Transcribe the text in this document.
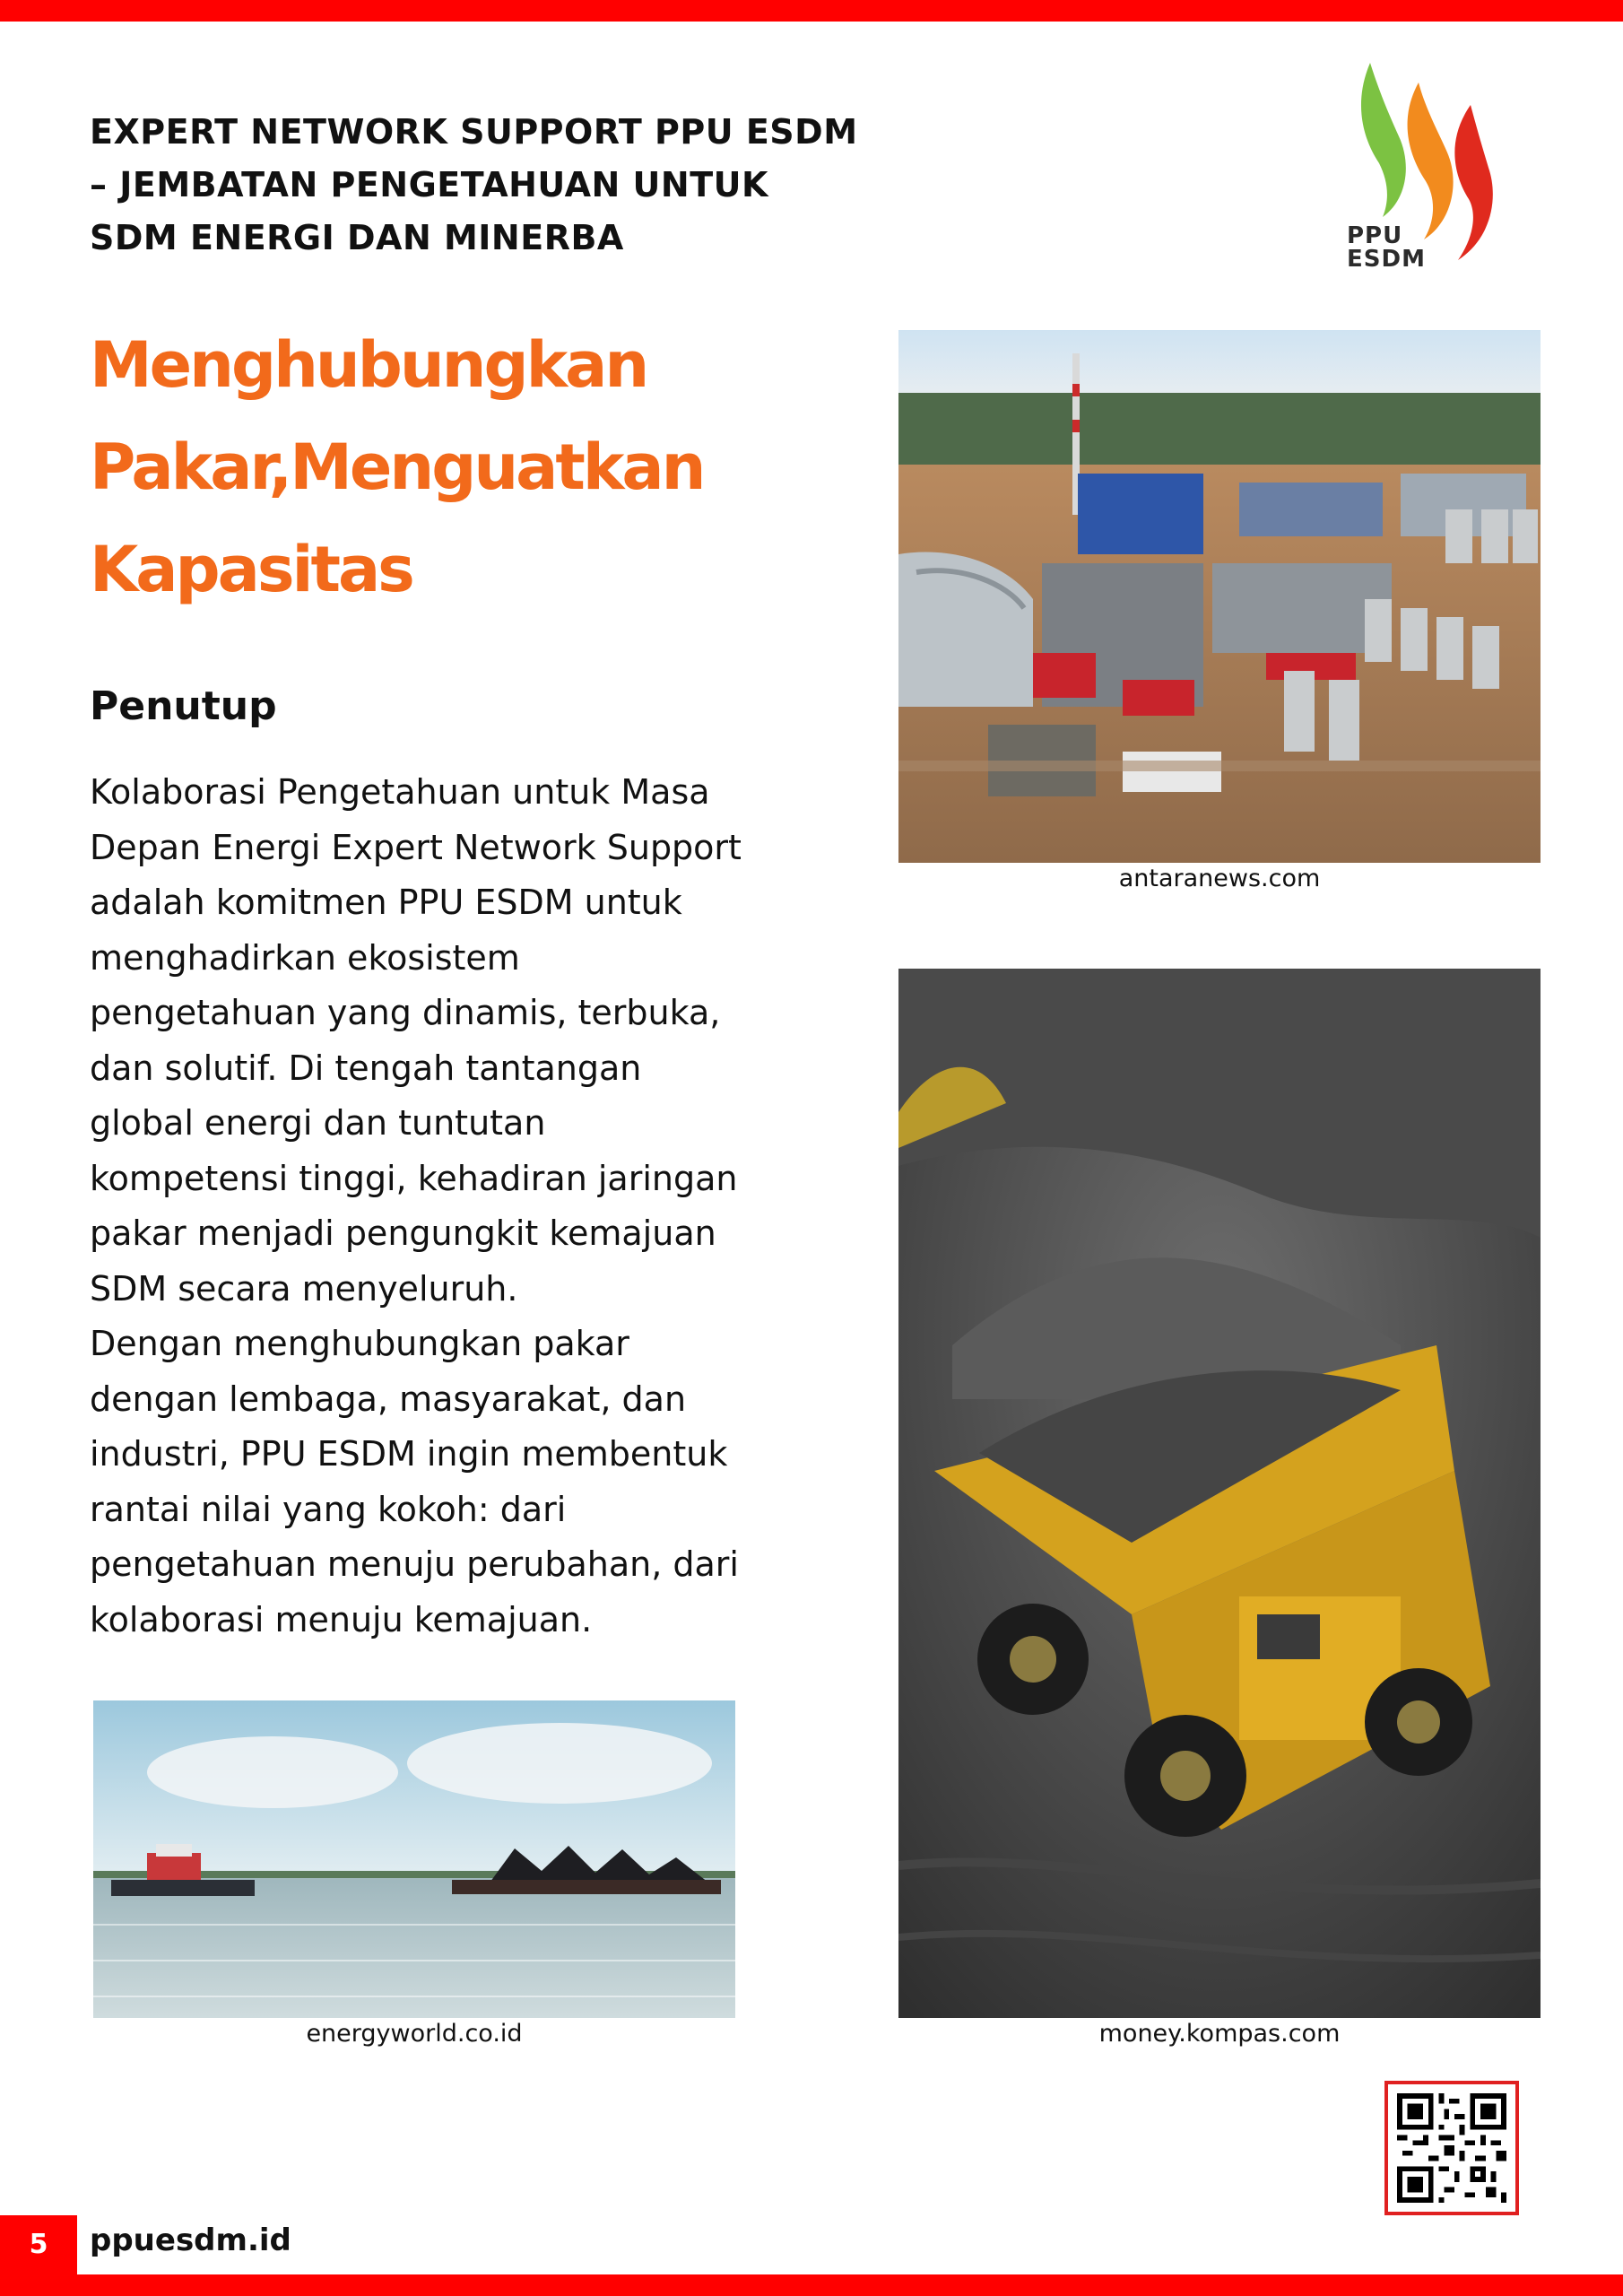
EXPERT NETWORK SUPPORT PPU ESDM
– JEMBATAN PENGETAHUAN UNTUK
SDM ENERGI DAN MINERBA	PPU
ESDM
Menghubungkan
Pakar,Menguatkan
Kapasitas
Penutup
Kolaborasi Pengetahuan untuk Masa
Depan Energi Expert Network Support
adalah komitmen PPU ESDM untuk
menghadirkan ekosistem
pengetahuan yang dinamis, terbuka,
dan solutif. Di tengah tantangan
global energi dan tuntutan
kompetensi tinggi, kehadiran jaringan
pakar menjadi pengungkit kemajuan
SDM secara menyeluruh.
Dengan menghubungkan pakar
dengan lembaga, masyarakat, dan
industri, PPU ESDM ingin membentuk
rantai nilai yang kokoh: dari
pengetahuan menuju perubahan, dari
kolaborasi menuju kemajuan.
antaranews.com
money.kompas.com
energyworld.co.id
5	ppuesdm.id
